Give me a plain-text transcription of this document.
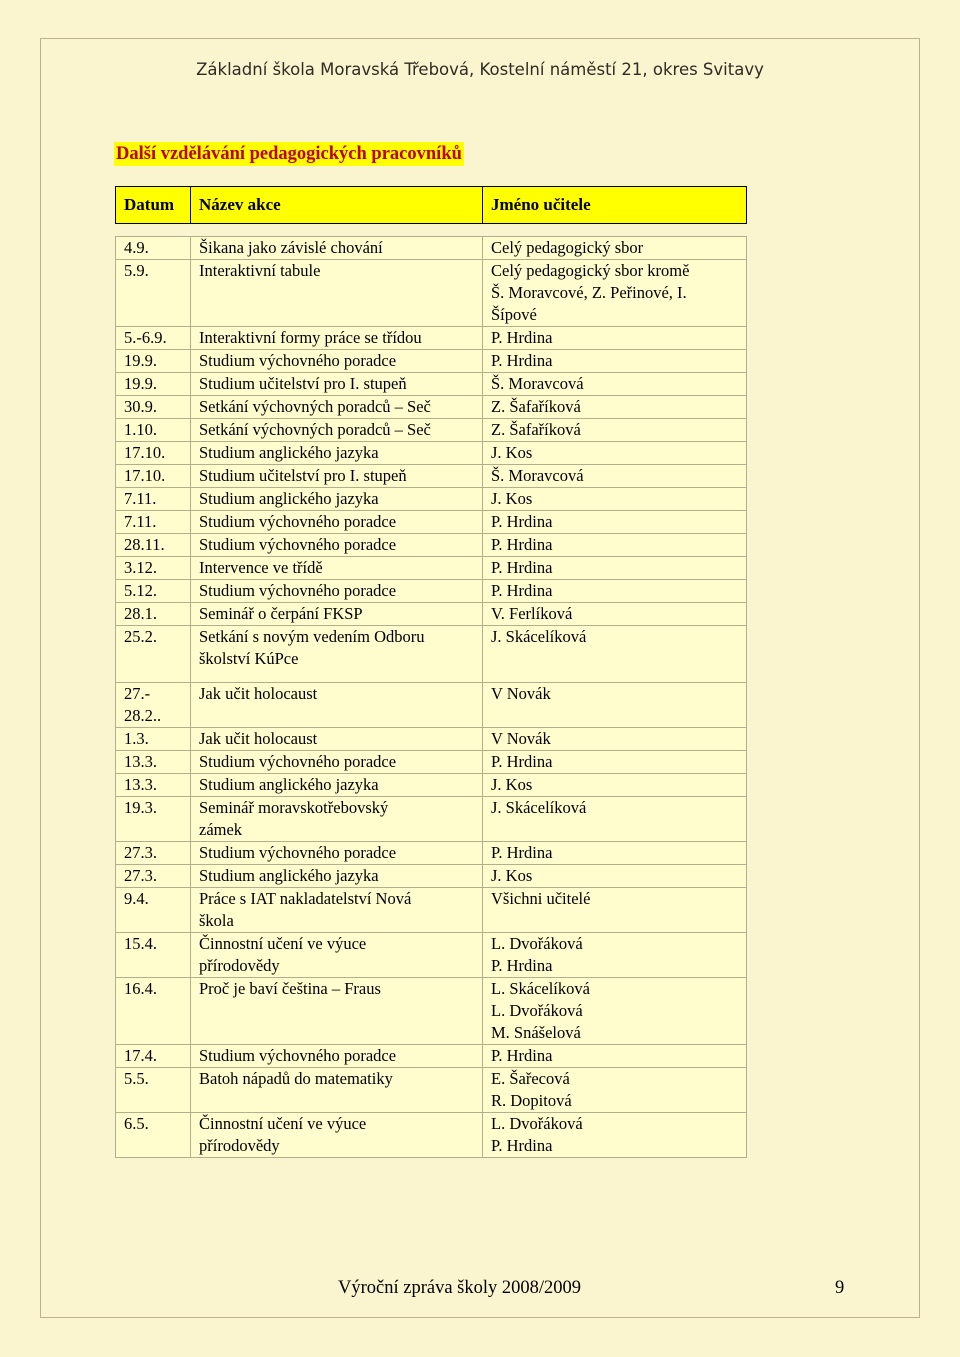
Základní škola Moravská Třebová, Kostelní náměstí 21, okres Svitavy
Další vzdělávání pedagogických pracovníků
Datum	Název akce	Jméno učitele

4.9.	Šikana jako závislé chování	Celý pedagogický sbor

5.9.	Interaktivní tabule	Celý pedagogický sbor kromě
Š. Moravcové, Z. Peřinové, I.
Šípové

5.-6.9.	Interaktivní formy práce se třídou	P. Hrdina

19.9.	Studium výchovného poradce	P. Hrdina

19.9.	Studium učitelství pro I. stupeň	Š. Moravcová

30.9.	Setkání výchovných poradců – Seč	Z. Šafaříková

1.10.	Setkání výchovných poradců – Seč	Z. Šafaříková

17.10.	Studium anglického jazyka	J. Kos

17.10.	Studium učitelství pro I. stupeň	Š. Moravcová

7.11.	Studium anglického jazyka	J. Kos

7.11.	Studium výchovného poradce	P. Hrdina

28.11.	Studium výchovného poradce	P. Hrdina

3.12.	Intervence ve třídě	P. Hrdina

5.12.	Studium výchovného poradce	P. Hrdina

28.1.	Seminář o čerpání FKSP	V. Ferlíková

25.2.	Setkání s novým vedením Odboru
školství KúPce	J. Skácelíková

27.-
28.2..	Jak učit holocaust	V Novák

1.3.	Jak učit holocaust	V Novák

13.3.	Studium výchovného poradce	P. Hrdina

13.3.	Studium anglického jazyka	J. Kos

19.3.	Seminář moravskotřebovský
zámek	J. Skácelíková

27.3.	Studium výchovného poradce	P. Hrdina

27.3.	Studium anglického jazyka	J. Kos

9.4.	Práce s IAT nakladatelství Nová
škola	Všichni učitelé

15.4.	Činnostní učení ve výuce
přírodovědy	L. Dvořáková
P. Hrdina

16.4.	Proč je baví čeština – Fraus	L. Skácelíková
L. Dvořáková
M. Snášelová

17.4.	Studium výchovného poradce	P. Hrdina

5.5.	Batoh nápadů do matematiky	E. Šařecová
R. Dopitová

6.5.	Činnostní učení ve výuce
přírodovědy	L. Dvořáková
P. Hrdina
Výroční zpráva školy 2008/2009	9
